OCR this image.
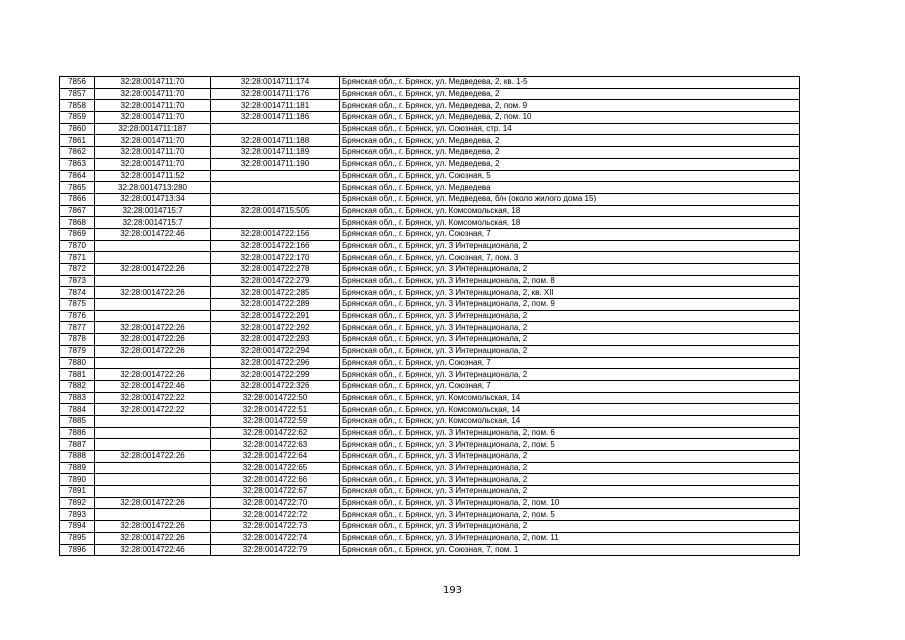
7856	32:28:0014711:70	32:28:0014711:174	Брянская обл., г. Брянск, ул. Медведева, 2, кв. 1-5
7857	32:28:0014711:70	32:28:0014711:176	Брянская обл., г. Брянск, ул. Медведева, 2
7858	32:28:0014711:70	32:28:0014711:181	Брянская обл., г. Брянск, ул. Медведева, 2, пом. 9
7859	32:28:0014711:70	32:28:0014711:186	Брянская обл., г. Брянск, ул. Медведева, 2, пом. 10
7860	32:28:0014711:187		Брянская обл., г. Брянск, ул. Союзная, стр. 14
7861	32:28:0014711:70	32:28:0014711:188	Брянская обл., г. Брянск, ул. Медведева, 2
7862	32:28:0014711:70	32:28:0014711:189	Брянская обл., г. Брянск, ул. Медведева, 2
7863	32:28:0014711:70	32:28:0014711:190	Брянская обл., г. Брянск, ул. Медведева, 2
7864	32:28:0014711:52		Брянская обл., г. Брянск, ул. Союзная, 5
7865	32:28:0014713:280		Брянская обл., г. Брянск, ул. Медведева
7866	32:28:0014713:34		Брянская обл., г. Брянск, ул. Медведева, б/н (около жилого дома 15)
7867	32:28:0014715:7	32:28:0014715:505	Брянская обл., г. Брянск, ул. Комсомольская, 18
7868	32:28:0014715:7		Брянская обл., г. Брянск, ул. Комсомольская, 18
7869	32:28:0014722:46	32:28:0014722:156	Брянская обл., г. Брянск, ул. Союзная, 7
7870		32:28:0014722:166	Брянская обл., г. Брянск, ул. 3 Интернационала, 2
7871		32:28:0014722:170	Брянская обл., г. Брянск, ул. Союзная, 7, пом. 3
7872	32:28:0014722:26	32:28:0014722:278	Брянская обл., г. Брянск, ул. 3 Интернационала, 2
7873		32:28:0014722:279	Брянская обл., г. Брянск, ул. 3 Интернационала, 2, пом. 8
7874	32:28:0014722:26	32:28:0014722:285	Брянская обл., г. Брянск, ул. 3 Интернационала, 2, кв. XII
7875		32:28:0014722:289	Брянская обл., г. Брянск, ул. 3 Интернационала, 2, пом. 9
7876		32:28:0014722:291	Брянская обл., г. Брянск, ул. 3 Интернационала, 2
7877	32:28:0014722:26	32:28:0014722:292	Брянская обл., г. Брянск, ул. 3 Интернационала, 2
7878	32:28:0014722:26	32:28:0014722:293	Брянская обл., г. Брянск, ул. 3 Интернационала, 2
7879	32:28:0014722:26	32:28:0014722:294	Брянская обл., г. Брянск, ул. 3 Интернационала, 2
7880		32:28:0014722:296	Брянская обл., г. Брянск, ул. Союзная, 7
7881	32:28:0014722:26	32:28:0014722:299	Брянская обл., г. Брянск, ул. 3 Интернационала, 2
7882	32:28:0014722:46	32:28:0014722:326	Брянская обл., г. Брянск, ул. Союзная, 7
7883	32:28:0014722:22	32:28:0014722:50	Брянская обл., г. Брянск, ул. Комсомольская, 14
7884	32:28:0014722:22	32:28:0014722:51	Брянская обл., г. Брянск, ул. Комсомольская, 14
7885		32:28:0014722:59	Брянская обл., г. Брянск, ул. Комсомольская, 14
7886		32:28:0014722:62	Брянская обл., г. Брянск, ул. 3 Интернационала, 2, пом. 6
7887		32:28:0014722:63	Брянская обл., г. Брянск, ул. 3 Интернационала, 2, пом. 5
7888	32:28:0014722:26	32:28:0014722:64	Брянская обл., г. Брянск, ул. 3 Интернационала, 2
7889		32:28:0014722:65	Брянская обл., г. Брянск, ул. 3 Интернационала, 2
7890		32:28:0014722:66	Брянская обл., г. Брянск, ул. 3 Интернационала, 2
7891		32:28:0014722:67	Брянская обл., г. Брянск, ул. 3 Интернационала, 2
7892	32:28:0014722:26	32:28:0014722:70	Брянская обл., г. Брянск, ул. 3 Интернационала, 2, пом. 10
7893		32:28:0014722:72	Брянская обл., г. Брянск, ул. 3 Интернационала, 2, пом. 5
7894	32:28:0014722:26	32:28:0014722:73	Брянская обл., г. Брянск, ул. 3 Интернационала, 2
7895	32:28:0014722:26	32:28:0014722:74	Брянская обл., г. Брянск, ул. 3 Интернационала, 2, пом. 11
7896	32:28:0014722:46	32:28:0014722:79	Брянская обл., г. Брянск, ул. Союзная, 7, пом. 1
193
